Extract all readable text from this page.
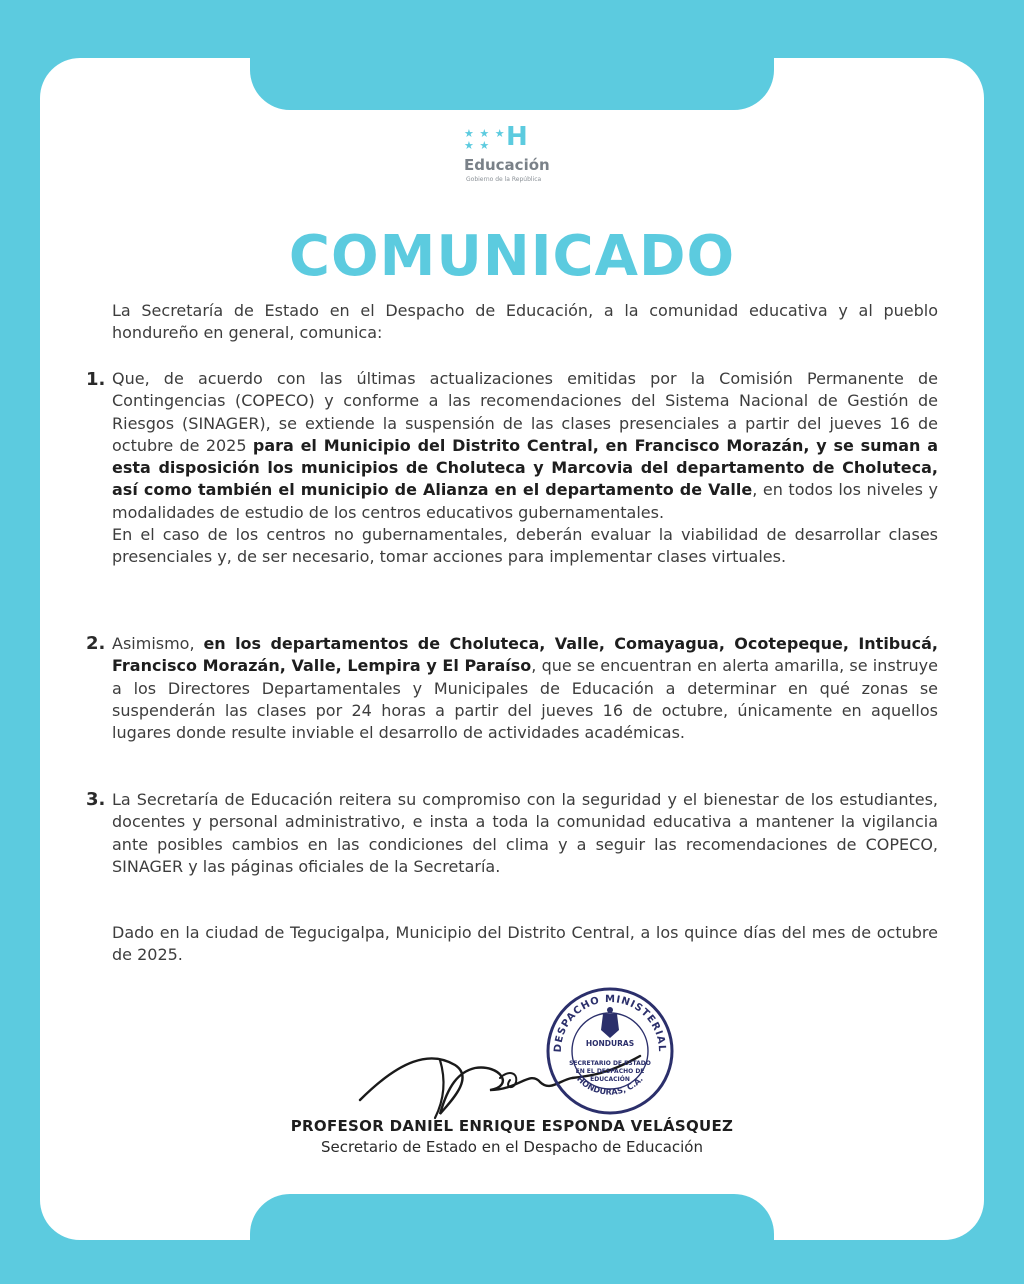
★ ★ ★
★ ★ H
Educación
Gobierno de la República
COMUNICADO

La Secretaría de Estado en el Despacho de Educación, a la comunidad educativa y al pueblo hondureño en general, comunica:

1. Que, de acuerdo con las últimas actualizaciones emitidas por la Comisión Permanente de Contingencias (COPECO) y conforme a las recomendaciones del Sistema Nacional de Gestión de Riesgos (SINAGER), se extiende la suspensión de las clases presenciales a partir del jueves 16 de octubre de 2025 para el Municipio del Distrito Central, en Francisco Morazán, y se suman a esta disposición los municipios de Choluteca y Marcovia del departamento de Choluteca, así como también el municipio de Alianza en el departamento de Valle, en todos los niveles y modalidades de estudio de los centros educativos gubernamentales.
En el caso de los centros no gubernamentales, deberán evaluar la viabilidad de desarrollar clases presenciales y, de ser necesario, tomar acciones para implementar clases virtuales.

2. Asimismo, en los departamentos de Choluteca, Valle, Comayagua, Ocotepeque, Intibucá, Francisco Morazán, Valle, Lempira y El Paraíso, que se encuentran en alerta amarilla, se instruye a los Directores Departamentales y Municipales de Educación a determinar en qué zonas se suspenderán las clases por 24 horas a partir del jueves 16 de octubre, únicamente en aquellos lugares donde resulte inviable el desarrollo de actividades académicas.

3. La Secretaría de Educación reitera su compromiso con la seguridad y el bienestar de los estudiantes, docentes y personal administrativo, e insta a toda la comunidad educativa a mantener la vigilancia ante posibles cambios en las condiciones del clima y a seguir las recomendaciones de COPECO, SINAGER y las páginas oficiales de la Secretaría.

Dado en la ciudad de Tegucigalpa, Municipio del Distrito Central, a los quince días del mes de octubre de 2025.

DESPACHO MINISTERIAL
HONDURAS, C.A.
HONDURAS
SECRETARIO DE ESTADO
EN EL DESPACHO DE
EDUCACIÓN
PROFESOR DANIEL ENRIQUE ESPONDA VELÁSQUEZ
Secretario de Estado en el Despacho de Educación
